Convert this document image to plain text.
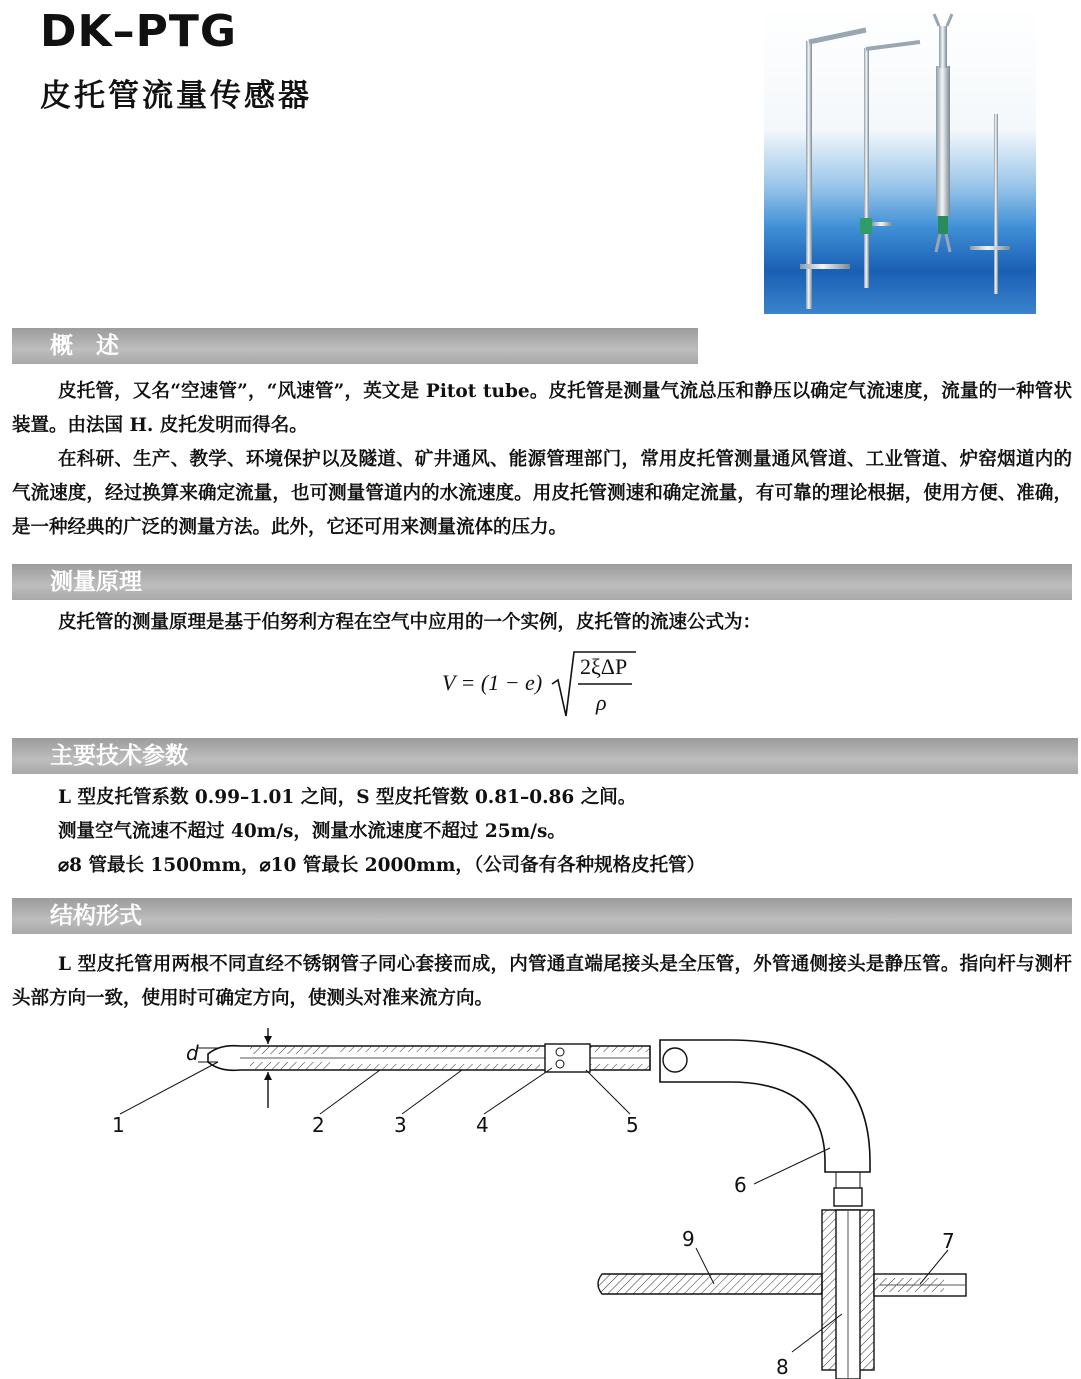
DK–PTG
皮托管流量传感器
概　述
皮托管，又名“空速管”，“风速管”，英文是 Pitot tube。皮托管是测量气流总压和静压以确定气流速度，流量的一种管状装置。由法国 H. 皮托发明而得名。
在科研、生产、教学、环境保护以及隧道、矿井通风、能源管理部门，常用皮托管测量通风管道、工业管道、炉窑烟道内的气流速度，经过换算来确定流量，也可测量管道内的水流速度。用皮托管测速和确定流量，有可靠的理论根据，使用方便、准确，是一种经典的广泛的测量方法。此外，它还可用来测量流体的压力。
测量原理
皮托管的测量原理是基于伯努利方程在空气中应用的一个实例，皮托管的流速公式为：
V = (1 − e)
2ξΔP
ρ
主要技术参数
L 型皮托管系数 0.99–1.01 之间，S 型皮托管数 0.81–0.86 之间。
测量空气流速不超过 40m/s，测量水流速度不超过 25m/s。
⌀8 管最长 1500mm，⌀10 管最长 2000mm，（公司备有各种规格皮托管）
结构形式
L 型皮托管用两根不同直经不锈钢管子同心套接而成，内管通直端尾接头是全压管，外管通侧接头是静压管。指向杆与测杆头部方向一致，使用时可确定方向，使测头对准来流方向。
d
1	2	3	4	5
6
7
8
9
